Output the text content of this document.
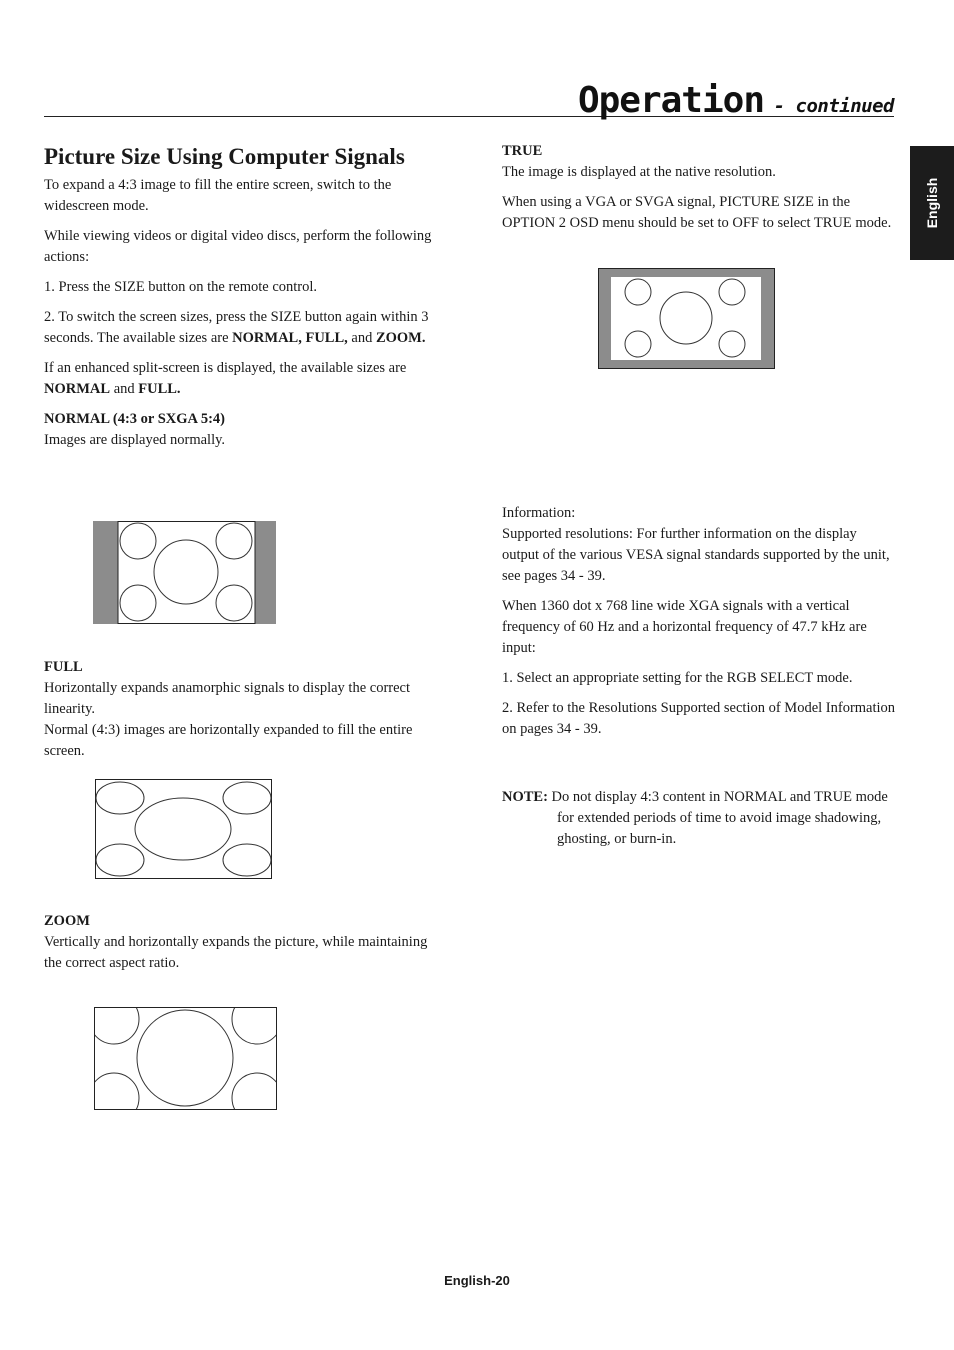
Operation - continued
English
Picture Size Using Computer Signals

To expand a 4:3 image to fill the entire screen, switch to the widescreen mode.

While viewing videos or digital video discs, perform the following actions:

1. Press the SIZE button on the remote control.

2. To switch the screen sizes, press the SIZE button again within 3 seconds. The available sizes are NORMAL, FULL, and ZOOM.

If an enhanced split-screen is displayed, the available sizes are NORMAL and FULL.

NORMAL (4:3 or SXGA 5:4)
Images are displayed normally.

FULL
Horizontally expands anamorphic signals to display the correct linearity.
Normal (4:3) images are horizontally expanded to fill the entire screen.

ZOOM
Vertically and horizontally expands the picture, while maintaining the correct aspect ratio.

TRUE
The image is displayed at the native resolution.

When using a VGA or SVGA signal, PICTURE SIZE in the OPTION 2 OSD menu should be set to OFF to select TRUE mode.

Information:
Supported resolutions: For further information on the display output of the various VESA signal standards supported by the unit, see pages 34 - 39.

When 1360 dot x 768 line wide XGA signals with a vertical frequency of 60 Hz and a horizontal frequency of 47.7 kHz are input:

1. Select an appropriate setting for the RGB SELECT mode.

2. Refer to the Resolutions Supported section of Model Information on pages 34 - 39.

NOTE: Do not display 4:3 content in NORMAL and TRUE mode for extended periods of time to avoid image shadowing, ghosting, or burn-in.

English-20
